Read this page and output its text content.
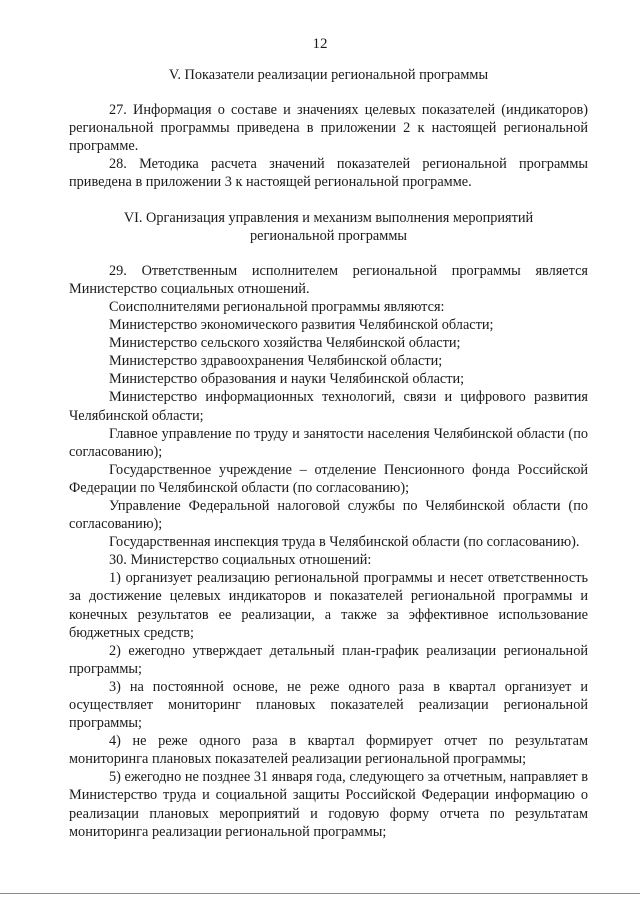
12
V. Показатели реализации региональной программы

27. Информация о составе и значениях целевых показателей (индикаторов) региональной программы приведена в приложении 2 к настоящей региональной программе.

28. Методика расчета значений показателей региональной программы приведена в приложении 3 к настоящей региональной программе.

VI. Организация управления и механизм выполнения мероприятий
региональной программы

29. Ответственным исполнителем региональной программы является Министерство социальных отношений.

Соисполнителями региональной программы являются:

Министерство экономического развития Челябинской области;

Министерство сельского хозяйства Челябинской области;

Министерство здравоохранения Челябинской области;

Министерство образования и науки Челябинской области;

Министерство информационных технологий, связи и цифрового развития Челябинской области;

Главное управление по труду и занятости населения Челябинской области (по согласованию);

Государственное учреждение – отделение Пенсионного фонда Российской Федерации по Челябинской области (по согласованию);

Управление Федеральной налоговой службы по Челябинской области (по согласованию);

Государственная инспекция труда в Челябинской области (по согласованию).

30. Министерство социальных отношений:

1) организует реализацию региональной программы и несет ответственность за достижение целевых индикаторов и показателей региональной программы и конечных результатов ее реализации, а также за эффективное использование бюджетных средств;

2) ежегодно утверждает детальный план-график реализации региональной программы;

3) на постоянной основе, не реже одного раза в квартал организует и осуществляет мониторинг плановых показателей реализации региональной программы;

4) не реже одного раза в квартал формирует отчет по результатам мониторинга плановых показателей реализации региональной программы;

5) ежегодно не позднее 31 января года, следующего за отчетным, направляет в Министерство труда и социальной защиты Российской Федерации информацию о реализации плановых мероприятий и годовую форму отчета по результатам мониторинга реализации региональной программы;
